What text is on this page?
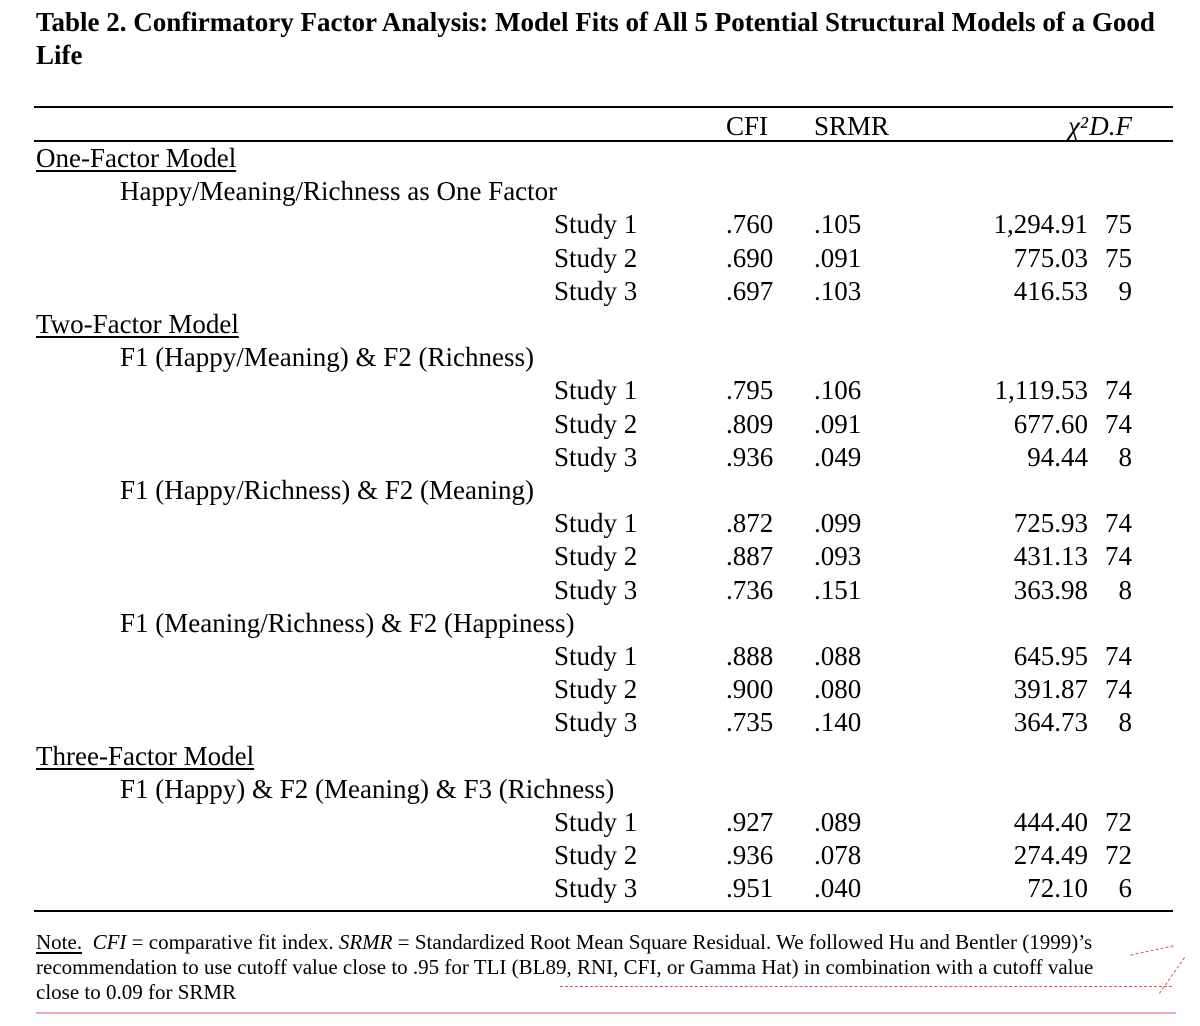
Table 2. Confirmatory Factor Analysis: Model Fits of All 5 Potential Structural Models of a Good Life
CFI SRMR	χ² D.F
One-Factor Model
Happy/Meaning/Richness as One Factor
Study 1	.760 .105	1,294.91 75
Study 2	.690 .091	775.03 75
Study 3	.697 .103	416.53 9
Two-Factor Model
F1 (Happy/Meaning) & F2 (Richness)
Study 1	.795 .106	1,119.53 74
Study 2	.809 .091	677.60 74
Study 3	.936 .049	94.44 8
F1 (Happy/Richness) & F2 (Meaning)
Study 1	.872 .099	725.93 74
Study 2	.887 .093	431.13 74
Study 3	.736 .151	363.98 8
F1 (Meaning/Richness) & F2 (Happiness)
Study 1	.888 .088	645.95 74
Study 2	.900 .080	391.87 74
Study 3	.735 .140	364.73 8
Three-Factor Model
F1 (Happy) & F2 (Meaning) & F3 (Richness)
Study 1	.927 .089	444.40 72
Study 2	.936 .078	274.49 72
Study 3	.951 .040	72.10 6
Note. CFI = comparative fit index. SRMR = Standardized Root Mean Square Residual. We followed Hu and Bentler (1999)’s recommendation to use cutoff value close to .95 for TLI (BL89, RNI, CFI, or Gamma Hat) in combination with a cutoff value close to 0.09 for SRMR
